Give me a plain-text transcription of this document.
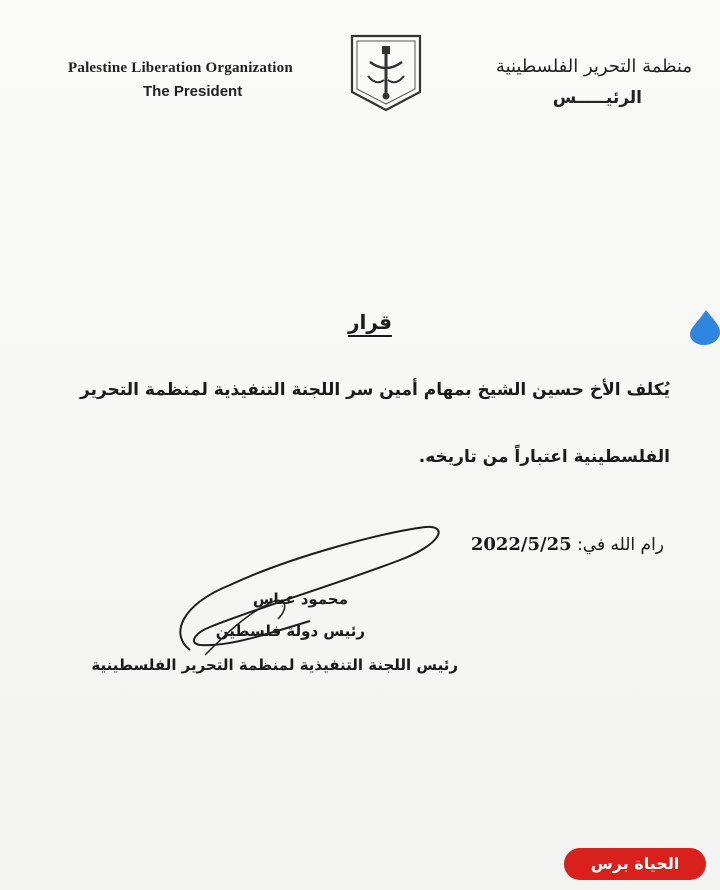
Palestine Liberation Organization
The President
منظمة التحرير الفلسطينية
الرئيـــــس
قرار
يُكلف الأخ حسين الشيخ بمهام أمين سر اللجنة التنفيذية لمنظمة التحرير
الفلسطينية اعتباراً من تاريخه.
رام الله في: 2022/5/25
محمود عباس
رئيس دولة فلسطين
رئيس اللجنة التنفيذية لمنظمة التحرير الفلسطينية
الحياة برس
